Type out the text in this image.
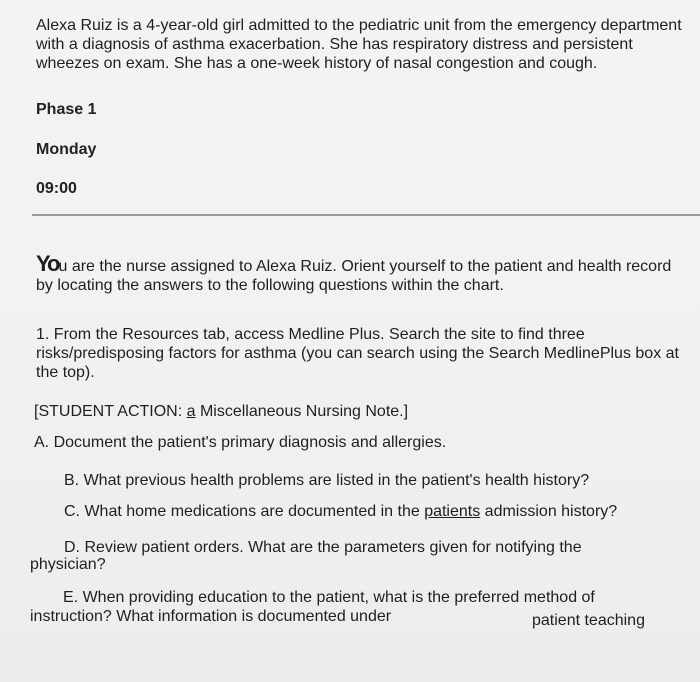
Alexa Ruiz is a 4-year-old girl admitted to the pediatric unit from the emergency department with a diagnosis of asthma exacerbation. She has respiratory distress and persistent wheezes on exam. She has a one-week history of nasal congestion and cough.
Phase 1
Monday
09:00
You are the nurse assigned to Alexa Ruiz. Orient yourself to the patient and health record by locating the answers to the following questions within the chart.
1. From the Resources tab, access Medline Plus. Search the site to find three risks/predisposing factors for asthma (you can search using the Search MedlinePlus box at the top).
[STUDENT ACTION: a Miscellaneous Nursing Note.]
A. Document the patient's primary diagnosis and allergies.
B. What previous health problems are listed in the patient's health history?
C. What home medications are documented in the patients admission history?
D. Review patient orders. What are the parameters given for notifying the
physician?
E. When providing education to the patient, what is the preferred method of
instruction? What information is documented under	patient teaching
